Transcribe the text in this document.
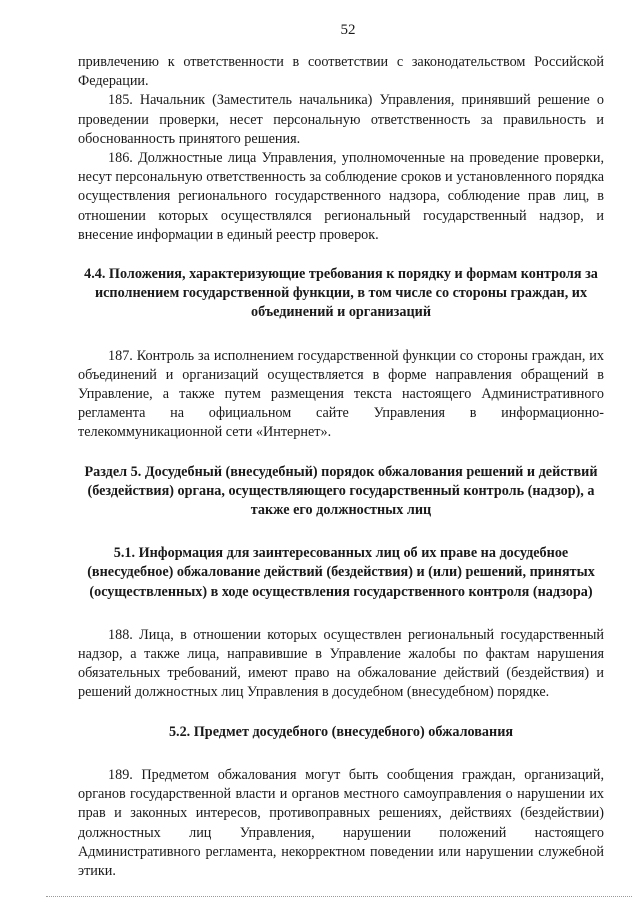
52

привлечению к ответственности в соответствии с законодательством Российской Федерации.

185. Начальник (Заместитель начальника) Управления, принявший решение о проведении проверки, несет персональную ответственность за правильность и обоснованность принятого решения.

186. Должностные лица Управления, уполномоченные на проведение проверки, несут персональную ответственность за соблюдение сроков и установленного порядка осуществления регионального государственного надзора, соблюдение прав лиц, в отношении которых осуществлялся региональный государственный надзор, и внесение информации в единый реестр проверок.

4.4. Положения, характеризующие требования к порядку и формам контроля за исполнением государственной функции, в том числе со стороны граждан, их объединений и организаций

187. Контроль за исполнением государственной функции со стороны граждан, их объединений и организаций осуществляется в форме направления обращений в Управление, а также путем размещения текста настоящего Административного регламента на официальном сайте Управления в информационно-телекоммуникационной сети «Интернет».

Раздел 5. Досудебный (внесудебный) порядок обжалования решений и действий (бездействия) органа, осуществляющего государственный контроль (надзор), а также его должностных лиц
5.1. Информация для заинтересованных лиц об их праве на досудебное (внесудебное) обжалование действий (бездействия) и (или) решений, принятых (осуществленных) в ходе осуществления государственного контроля (надзора)

188. Лица, в отношении которых осуществлен региональный государственный надзор, а также лица, направившие в Управление жалобы по фактам нарушения обязательных требований, имеют право на обжалование действий (бездействия) и решений должностных лиц Управления в досудебном (внесудебном) порядке.

5.2. Предмет досудебного (внесудебного) обжалования

189. Предметом обжалования могут быть сообщения граждан, организаций, органов государственной власти и органов местного самоуправления о нарушении их прав и законных интересов, противоправных решениях, действиях (бездействии) должностных лиц Управления, нарушении положений настоящего Административного регламента, некорректном поведении или нарушении служебной этики.
